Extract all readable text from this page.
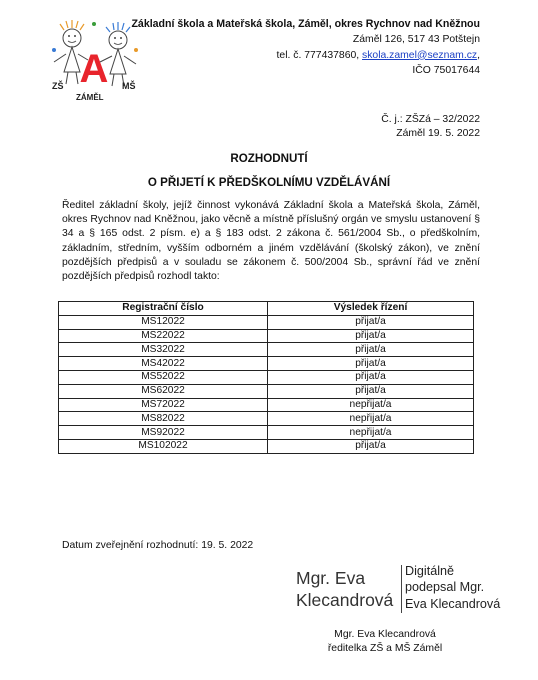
A
ZŠ	MŠ
ZÁMĚL
Základní škola a Mateřská škola, Záměl, okres Rychnov nad Kněžnou
Záměl 126, 517 43 Potštejn
tel. č. 777437860, skola.zamel@seznam.cz,
IČO 75017644
Č. j.: ZŠZá – 32/2022
Záměl 19. 5. 2022
ROZHODNUTÍ
O PŘIJETÍ K PŘEDŠKOLNÍMU VZDĚLÁVÁNÍ
Ředitel základní školy, jejíž činnost vykonává Základní škola a Mateřská škola, Záměl, okres Rychnov nad Kněžnou, jako věcně a místně příslušný orgán ve smyslu ustanovení § 34 a § 165 odst. 2 písm. e) a § 183 odst. 2 zákona č. 561/2004 Sb., o předškolním, základním, středním, vyšším odborném a jiném vzdělávání (školský zákon), ve znění pozdějších předpisů a v souladu se zákonem č. 500/2004 Sb., správní řád ve znění pozdějších předpisů rozhodl takto:
Registrační číslo	Výsledek řízení
MS12022	přijat/a
MS22022	přijat/a
MS32022	přijat/a
MS42022	přijat/a
MS52022	přijat/a
MS62022	přijat/a
MS72022	nepřijat/a
MS82022	nepřijat/a
MS92022	nepřijat/a
MS102022	přijat/a
Datum zveřejnění rozhodnutí: 19. 5. 2022
Mgr. Eva
Klecandrová
Digitálně
podepsal Mgr.
Eva Klecandrová
Mgr. Eva Klecandrová
ředitelka ZŠ a MŠ Záměl
